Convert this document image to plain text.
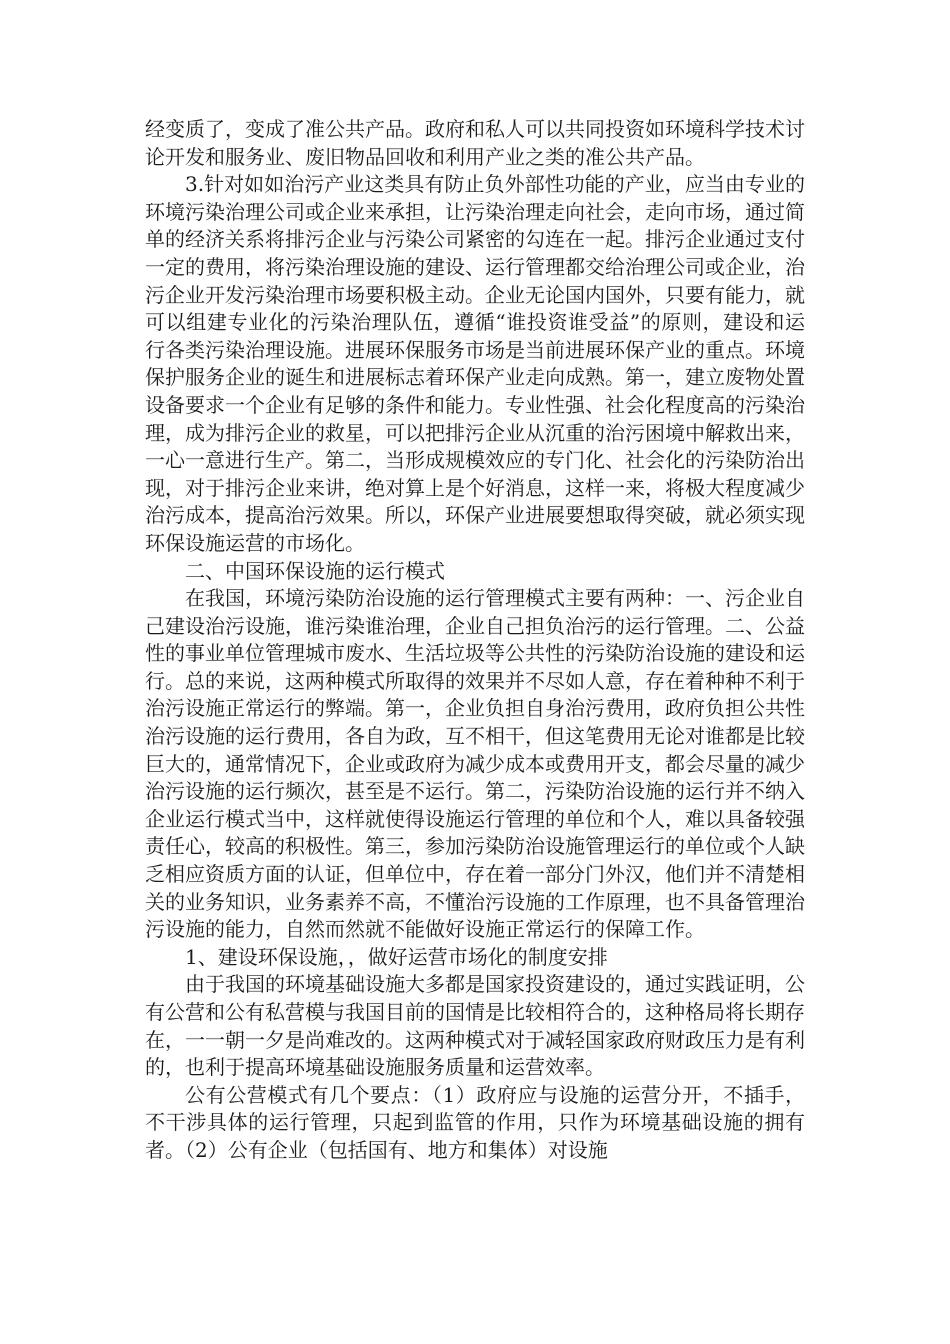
经变质了，变成了准公共产品。政府和私人可以共同投资如环境科学技术讨论开发和服务业、废旧物品回收和利用产业之类的准公共产品。

3.针对如如治污产业这类具有防止负外部性功能的产业，应当由专业的环境污染治理公司或企业来承担，让污染治理走向社会，走向市场，通过简单的经济关系将排污企业与污染公司紧密的勾连在一起。排污企业通过支付一定的费用，将污染治理设施的建设、运行管理都交给治理公司或企业，治污企业开发污染治理市场要积极主动。企业无论国内国外，只要有能力，就可以组建专业化的污染治理队伍，遵循“谁投资谁受益”的原则，建设和运行各类污染治理设施。进展环保服务市场是当前进展环保产业的重点。环境保护服务企业的诞生和进展标志着环保产业走向成熟。第一，建立废物处置设备要求一个企业有足够的条件和能力。专业性强、社会化程度高的污染治理，成为排污企业的救星，可以把排污企业从沉重的治污困境中解救出来，一心一意进行生产。第二，当形成规模效应的专门化、社会化的污染防治出现，对于排污企业来讲，绝对算上是个好消息，这样一来，将极大程度减少治污成本，提高治污效果。所以，环保产业进展要想取得突破，就必须实现环保设施运营的市场化。

二、中国环保设施的运行模式

在我国，环境污染防治设施的运行管理模式主要有两种：一、污企业自己建设治污设施，谁污染谁治理，企业自己担负治污的运行管理。二、公益性的事业单位管理城市废水、生活垃圾等公共性的污染防治设施的建设和运行。总的来说，这两种模式所取得的效果并不尽如人意，存在着种种不利于治污设施正常运行的弊端。第一，企业负担自身治污费用，政府负担公共性治污设施的运行费用，各自为政，互不相干，但这笔费用无论对谁都是比较巨大的，通常情况下，企业或政府为减少成本或费用开支，都会尽量的减少治污设施的运行频次，甚至是不运行。第二，污染防治设施的运行并不纳入企业运行模式当中，这样就使得设施运行管理的单位和个人，难以具备较强责任心，较高的积极性。第三，参加污染防治设施管理运行的单位或个人缺乏相应资质方面的认证，但单位中，存在着一部分门外汉，他们并不清楚相关的业务知识，业务素养不高，不懂治污设施的工作原理，也不具备管理治污设施的能力，自然而然就不能做好设施正常运行的保障工作。

1、建设环保设施，，做好运营市场化的制度安排

由于我国的环境基础设施大多都是国家投资建设的，通过实践证明，公有公营和公有私营模与我国目前的国情是比较相符合的，这种格局将长期存在，一一朝一夕是尚难改的。这两种模式对于减轻国家政府财政压力是有利的，也利于提高环境基础设施服务质量和运营效率。

公有公营模式有几个要点：（1）政府应与设施的运营分开，不插手，不干涉具体的运行管理，只起到监管的作用，只作为环境基础设施的拥有者。（2）公有企业（包括国有、地方和集体）对设施
